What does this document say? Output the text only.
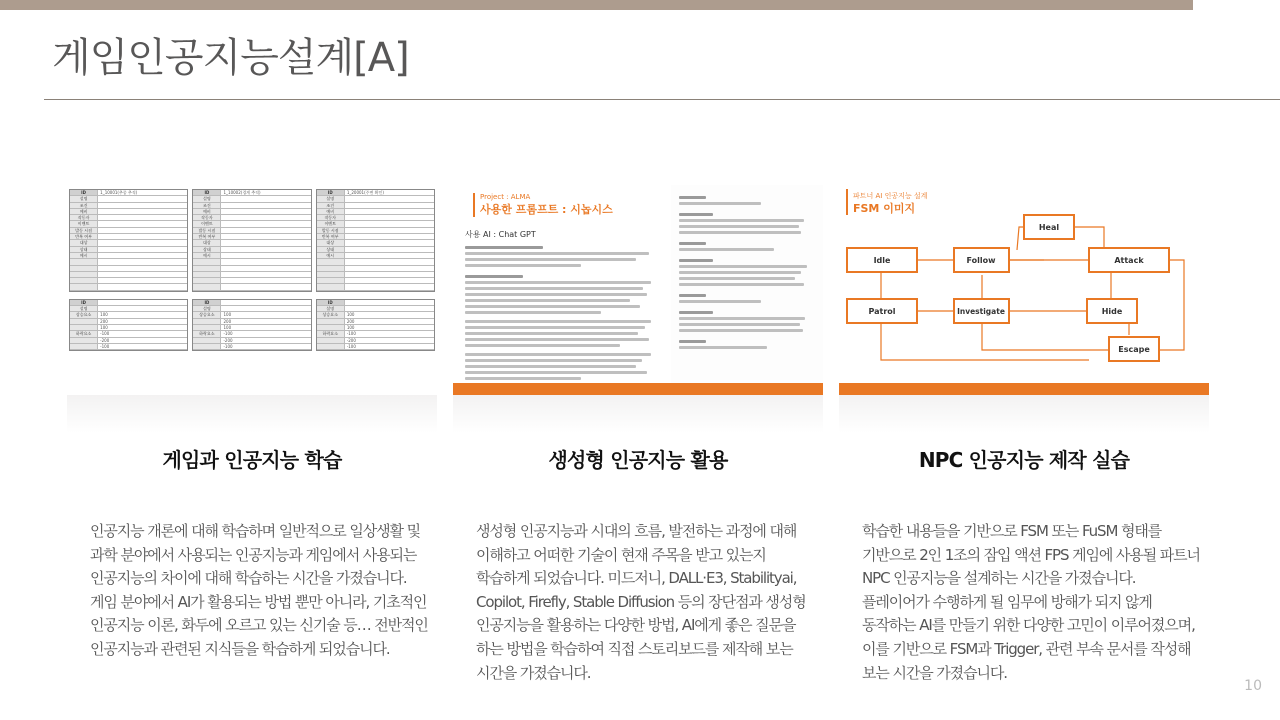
게임인공지능설계[A]
ID	1_10001(추종 추적)
설명
조건
예비
작동자
이벤트
발동 시점
반복 여부
대상
상태
예시
ID
설명
상승요소	100
200
100
하락요소	-100
-200
-100
ID	1_10002(경계 추적)
설명
조건
예비
작동자
이벤트
발동 시점
반복 여부
대상
상태
예시
ID
설명
상승요소	100
200
100
하락요소	-100
-200
-100
ID	1_20001(주변 확인)
설명
조건
예비
작동자
이벤트
발동 시점
반복 여부
대상
상태
예시
ID
설명
상승요소	100
200
100
하락요소	-100
-200
-100
Project : ALMA
사용한 프롬프트 : 시놉시스
사용 AI : Chat GPT
파트너 AI 인공지능 설계
FSM 이미지
Idle	Follow
Heal
Attack
Patrol	Investigate	Hide
Escape
게임과 인공지능 학습	생성형 인공지능 활용	NPC 인공지능 제작 실습

인공지능 개론에 대해 학습하며 일반적으로 일상생활 및 과학 분야에서 사용되는 인공지능과 게임에서 사용되는 인공지능의 차이에 대해 학습하는 시간을 가졌습니다. 게임 분야에서 AI가 활용되는 방법 뿐만 아니라, 기초적인 인공지능 이론, 화두에 오르고 있는 신기술 등… 전반적인 인공지능과 관련된 지식들을 학습하게 되었습니다.

생성형 인공지능과 시대의 흐름, 발전하는 과정에 대해 이해하고 어떠한 기술이 현재 주목을 받고 있는지 학습하게 되었습니다. 미드저니, DALL·E3, Stabilityai, Copilot, Firefly, Stable Diffusion 등의 장단점과 생성형 인공지능을 활용하는 다양한 방법, AI에게 좋은 질문을 하는 방법을 학습하여 직접 스토리보드를 제작해 보는 시간을 가졌습니다.

학습한 내용들을 기반으로 FSM 또는 FuSM 형태를 기반으로 2인 1조의 잠입 액션 FPS 게임에 사용될 파트너 NPC 인공지능을 설계하는 시간을 가졌습니다. 플레이어가 수행하게 될 임무에 방해가 되지 않게 동작하는 AI를 만들기 위한 다양한 고민이 이루어졌으며, 이를 기반으로 FSM과 Trigger, 관련 부속 문서를 작성해 보는 시간을 가졌습니다.

10
